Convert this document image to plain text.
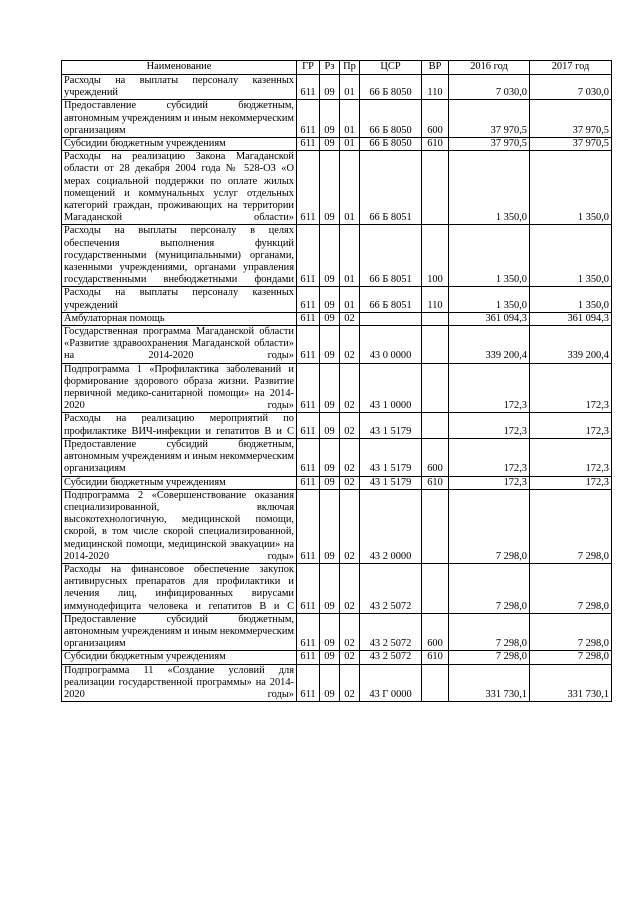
Наименование	ГР	Рз	Пр	ЦСР	ВР	2016 год	2017 год
Расходы на выплаты персоналу казенных учреждений	611	09	01	66 Б 8050	110	7 030,0	7 030,0
Предоставление субсидий бюджетным, автономным учреждениям и иным некоммерческим организациям	611	09	01	66 Б 8050	600	37 970,5	37 970,5
Субсидии бюджетным учреждениям	611	09	01	66 Б 8050	610	37 970,5	37 970,5
Расходы на реализацию Закона Магаданской области от 28 декабря 2004 года № 528-ОЗ «О мерах социальной поддержки по оплате жилых помещений и коммунальных услуг отдельных категорий граждан, проживающих на территории Магаданской области»	611	09	01	66 Б 8051		1 350,0	1 350,0
Расходы на выплаты персоналу в целях обеспечения выполнения функций государственными (муниципальными) органами, казенными учреждениями, органами управления государственными внебюджетными фондами	611	09	01	66 Б 8051	100	1 350,0	1 350,0
Расходы на выплаты персоналу казенных учреждений	611	09	01	66 Б 8051	110	1 350,0	1 350,0
Амбулаторная помощь	611	09	02			361 094,3	361 094,3
Государственная программа Магаданской области «Развитие здравоохранения Магаданской области» на 2014-2020 годы»	611	09	02	43 0 0000		339 200,4	339 200,4
Подпрограмма 1 «Профилактика заболеваний и формирование здорового образа жизни. Развитие первичной медико-санитарной помощи» на 2014-2020 годы»	611	09	02	43 1 0000		172,3	172,3
Расходы на реализацию мероприятий по профилактике ВИЧ-инфекции и гепатитов В и С	611	09	02	43 1 5179		172,3	172,3
Предоставление субсидий бюджетным, автономным учреждениям и иным некоммерческим организациям	611	09	02	43 1 5179	600	172,3	172,3
Субсидии бюджетным учреждениям	611	09	02	43 1 5179	610	172,3	172,3
Подпрограмма 2 «Совершенствование оказания специализированной, включая высокотехнологичную, медицинской помощи, скорой, в том числе скорой специализированной, медицинской помощи, медицинской эвакуации» на 2014-2020 годы»	611	09	02	43 2 0000		7 298,0	7 298,0
Расходы на финансовое обеспечение закупок антивирусных препаратов для профилактики и лечения лиц, инфицированных вирусами иммунодефицита человека и гепатитов В и С	611	09	02	43 2 5072		7 298,0	7 298,0
Предоставление субсидий бюджетным, автономным учреждениям и иным некоммерческим организациям	611	09	02	43 2 5072	600	7 298,0	7 298,0
Субсидии бюджетным учреждениям	611	09	02	43 2 5072	610	7 298,0	7 298,0
Подпрограмма 11 «Создание условий для реализации государственной программы» на 2014-2020 годы»	611	09	02	43 Г 0000		331 730,1	331 730,1
